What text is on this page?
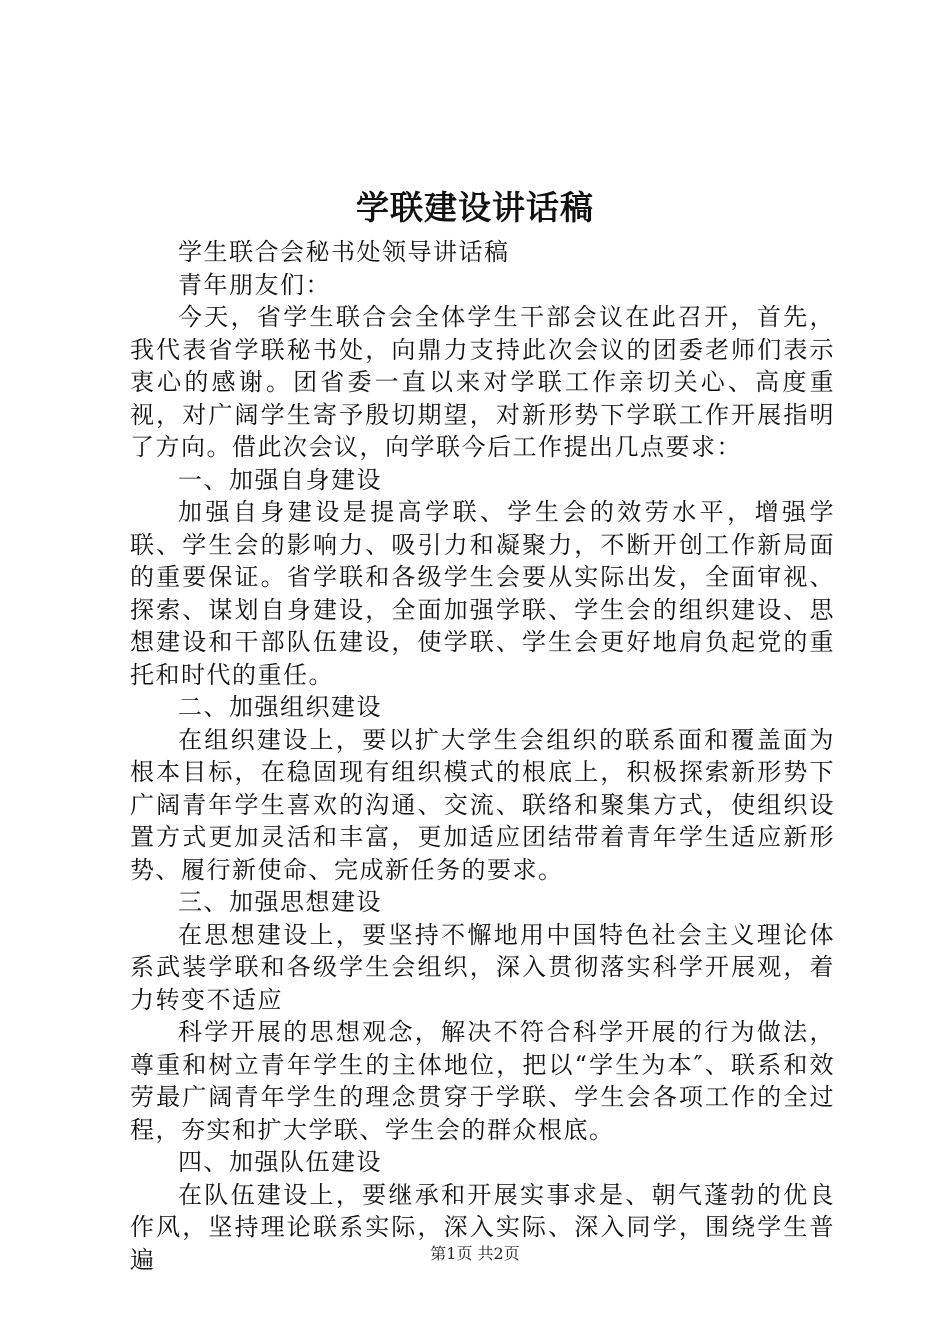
学联建设讲话稿

学生联合会秘书处领导讲话稿

青年朋友们：

今天，省学生联合会全体学生干部会议在此召开，首先，我代表省学联秘书处，向鼎力支持此次会议的团委老师们表示衷心的感谢。团省委一直以来对学联工作亲切关心、高度重视，对广阔学生寄予殷切期望，对新形势下学联工作开展指明了方向。借此次会议，向学联今后工作提出几点要求：

一、加强自身建设

加强自身建设是提高学联、学生会的效劳水平，增强学联、学生会的影响力、吸引力和凝聚力，不断开创工作新局面的重要保证。省学联和各级学生会要从实际出发，全面审视、探索、谋划自身建设，全面加强学联、学生会的组织建设、思想建设和干部队伍建设，使学联、学生会更好地肩负起党的重托和时代的重任。

二、加强组织建设

在组织建设上，要以扩大学生会组织的联系面和覆盖面为根本目标，在稳固现有组织模式的根底上，积极探索新形势下广阔青年学生喜欢的沟通、交流、联络和聚集方式，使组织设置方式更加灵活和丰富，更加适应团结带着青年学生适应新形势、履行新使命、完成新任务的要求。

三、加强思想建设

在思想建设上，要坚持不懈地用中国特色社会主义理论体系武装学联和各级学生会组织，深入贯彻落实科学开展观，着力转变不适应

科学开展的思想观念，解决不符合科学开展的行为做法，尊重和树立青年学生的主体地位，把以“学生为本″、联系和效劳最广阔青年学生的理念贯穿于学联、学生会各项工作的全过程，夯实和扩大学联、学生会的群众根底。

四、加强队伍建设

在队伍建设上，要继承和开展实事求是、朝气蓬勃的优良作风，坚持理论联系实际，深入实际、深入同学，围绕学生普遍	第1页 共2页
